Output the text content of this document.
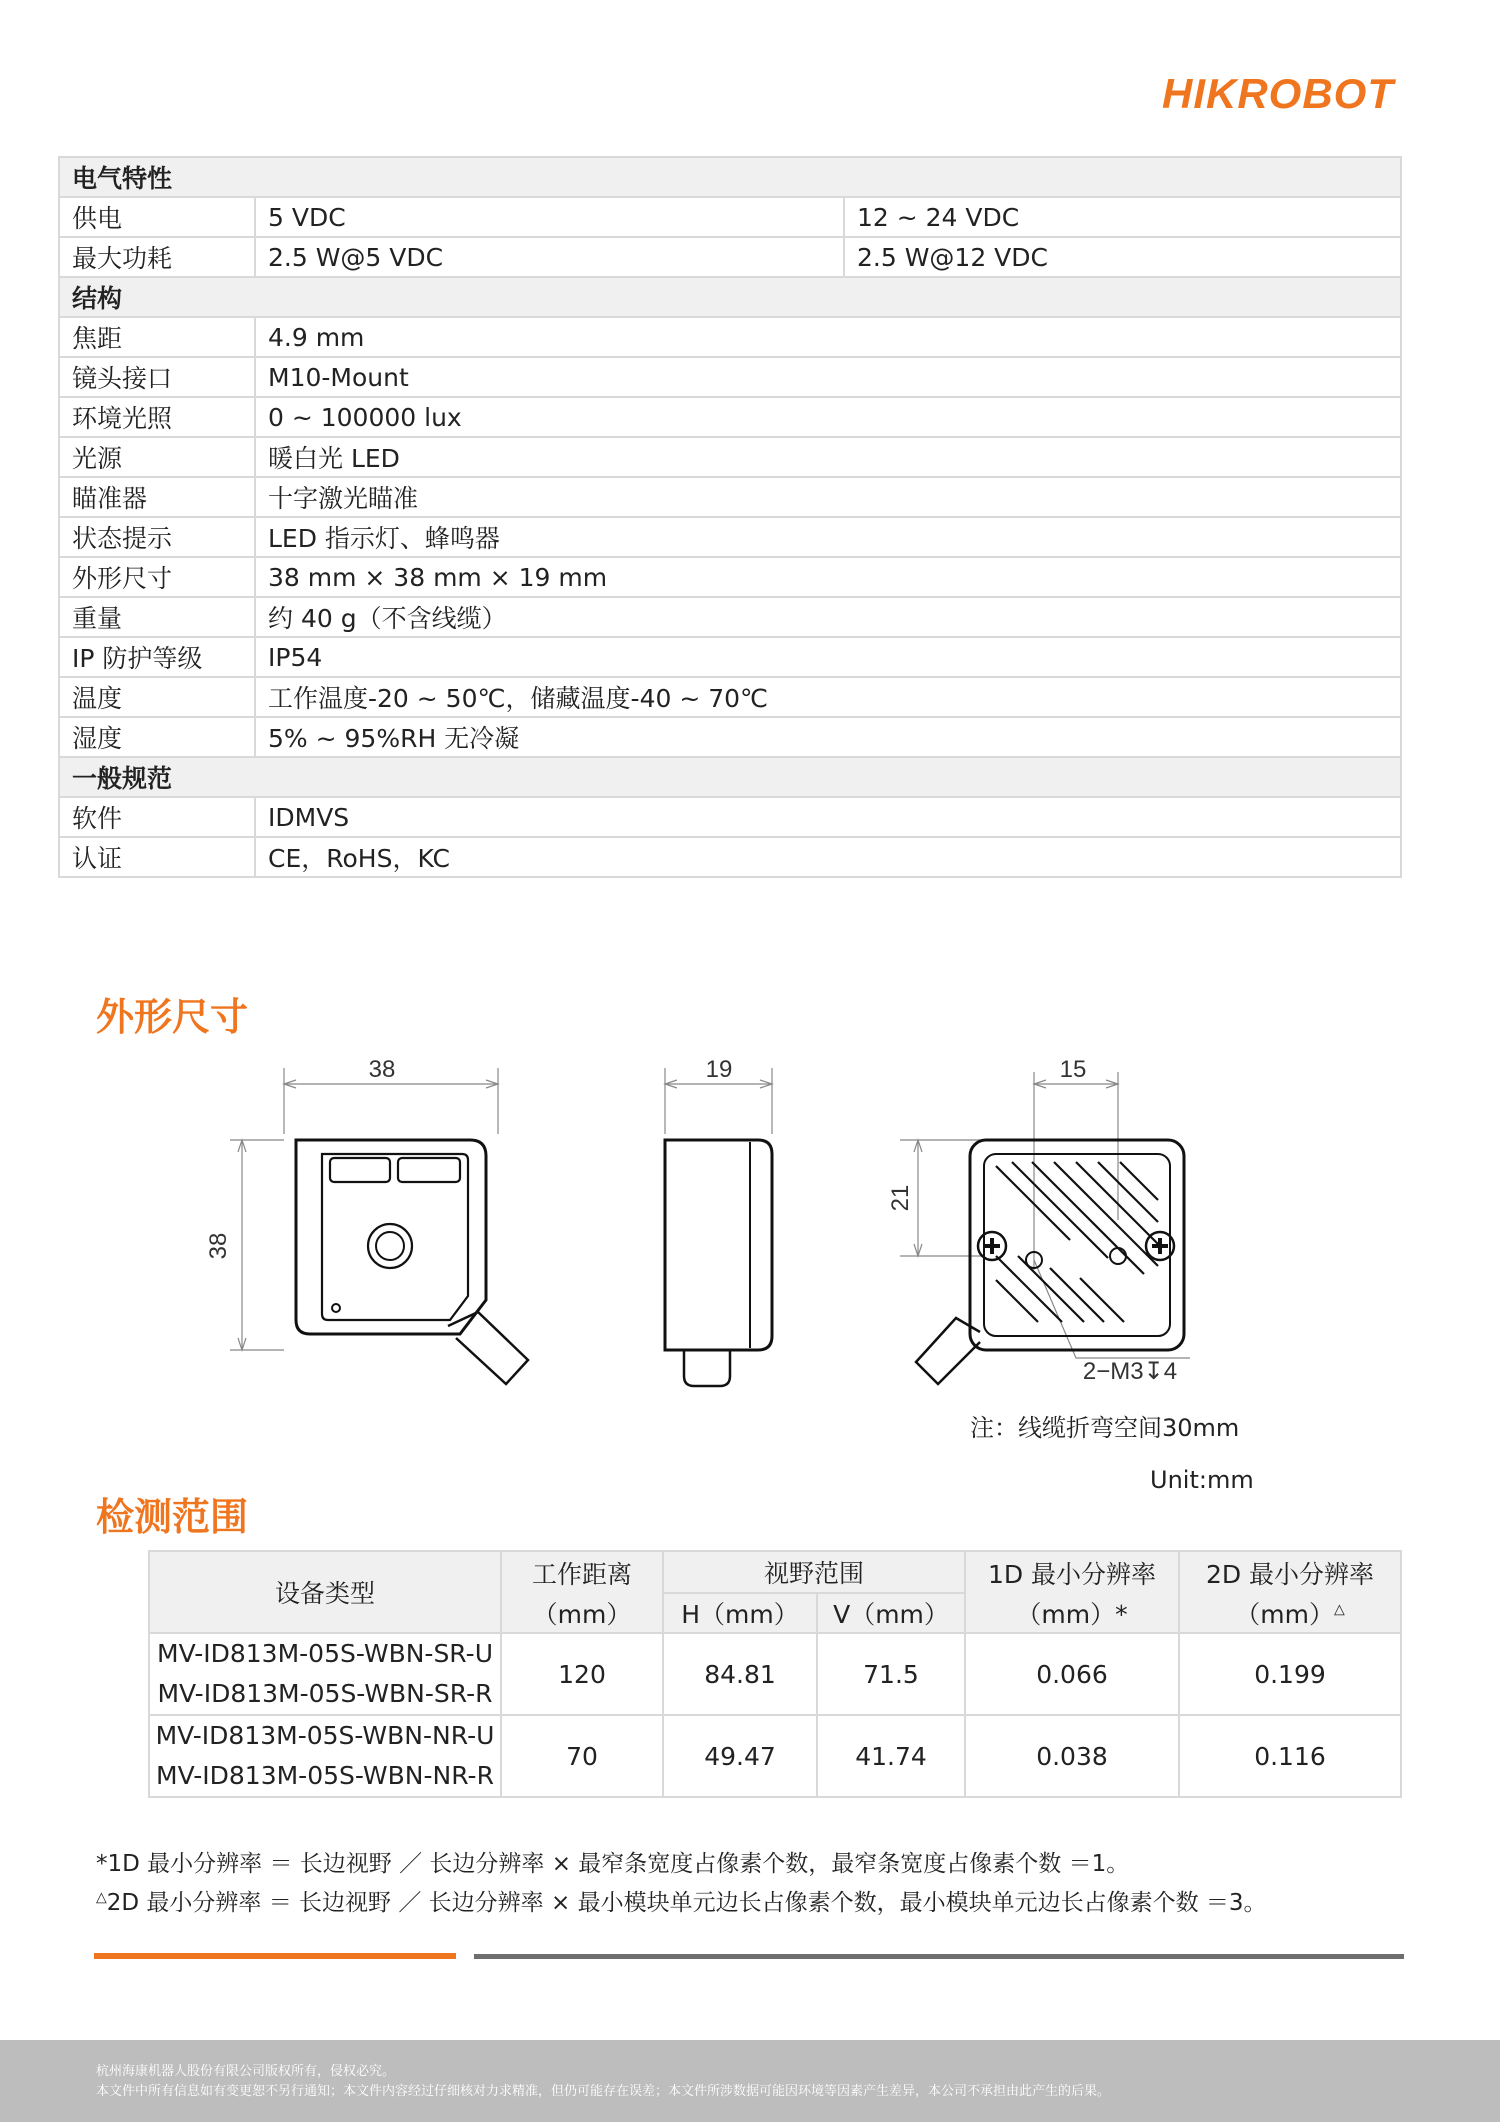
HIKROBOT
电气特性		
供电	5 VDC	12 ~ 24 VDC
最大功耗	2.5 W@5 VDC	2.5 W@12 VDC
结构		
焦距	4.9 mm	
镜头接口	M10-Mount	
环境光照	0 ~ 100000 lux	
光源	暖白光 LED	
瞄准器	十字激光瞄准	
状态提示	LED 指示灯、蜂鸣器	
外形尺寸	38 mm × 38 mm × 19 mm	
重量	约 40 g（不含线缆）	
IP 防护等级	IP54	
温度	工作温度-20 ~ 50℃，储藏温度-40 ~ 70℃	
湿度	5% ~ 95%RH 无冷凝	
一般规范		
软件	IDMVS	
认证	CE，RoHS，KC	
外形尺寸
38
38
19	15
21
2−M3↧4
注：线缆折弯空间30mm
Unit:mm
检测范围
设备类型	工作距离	视野范围		1D 最小分辨率	2D 最小分辨率
	（mm）	H（mm）	V（mm）	（mm）*	（mm）△

MV-ID813M-05S-WBN-SR-U
MV-ID813M-05S-WBN-SR-R	120	84.81	71.5	0.066	0.199

MV-ID813M-05S-WBN-NR-U
MV-ID813M-05S-WBN-NR-R	70	49.47	41.74	0.038	0.116
*1D 最小分辨率 ＝ 长边视野 ／ 长边分辨率 × 最窄条宽度占像素个数，最窄条宽度占像素个数 ＝1。
△2D 最小分辨率 ＝ 长边视野 ／ 长边分辨率 × 最小模块单元边长占像素个数，最小模块单元边长占像素个数 ＝3。
杭州海康机器人股份有限公司版权所有，侵权必究。
本文件中所有信息如有变更恕不另行通知；本文件内容经过仔细核对力求精准，但仍可能存在误差；本文件所涉数据可能因环境等因素产生差异，本公司不承担由此产生的后果。
